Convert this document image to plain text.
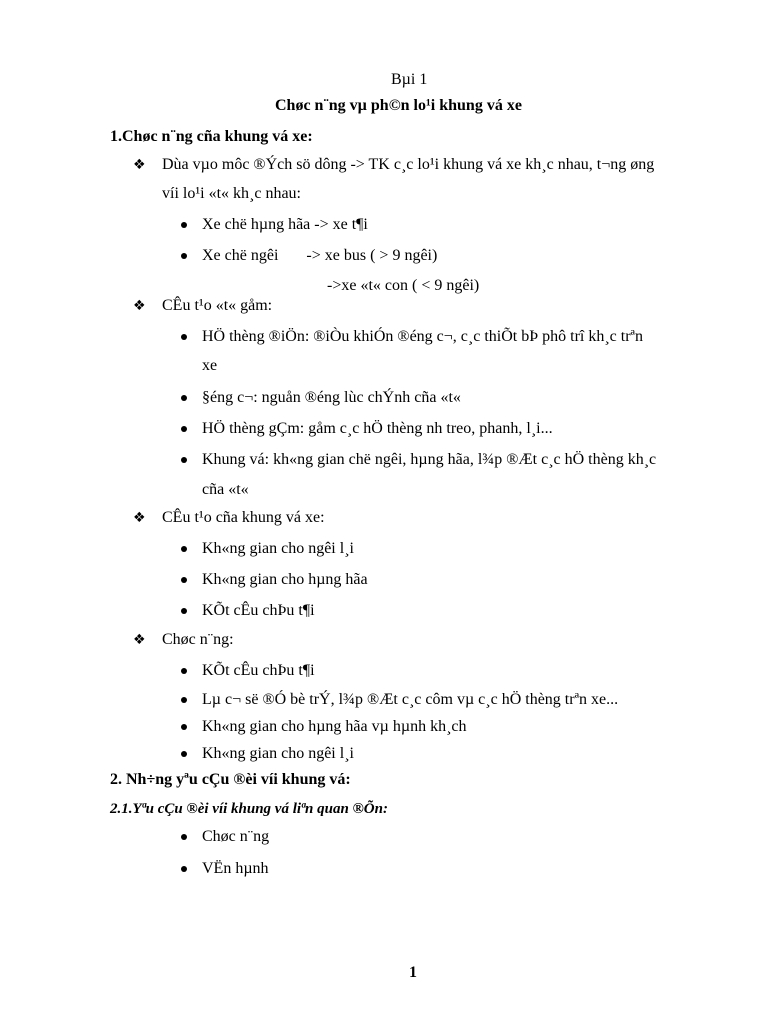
Bµi 1
Chøc n¨ng vµ ph©n lo¹i khung vá xe
1.Chøc n¨ng cña khung vá xe:
❖ Dùa vµo môc ®Ých sö dông -> TK c¸c lo¹i khung vá xe kh¸c nhau, t¬ng øng
víi lo¹i «t« kh¸c nhau:
Xe chë hµng hãa -> xe t¶i
Xe chë ngêi       -> xe bus ( > 9 ngêi)
->xe «t« con ( < 9 ngêi)
❖ CÊu t¹o «t« gåm:
HÖ thèng ®iÖn: ®iÒu khiÓn ®éng c¬, c¸c thiÕt bÞ phô trî kh¸c trªn
xe
§éng c¬: nguån ®éng lùc chÝnh cña «t«
HÖ thèng gÇm: gåm c¸c hÖ thèng nh treo, phanh, l¸i...
Khung vá: kh«ng gian chë ngêi, hµng hãa, l¾p ®Æt c¸c hÖ thèng kh¸c
cña «t«
❖ CÊu t¹o cña khung vá xe:
Kh«ng gian cho ngêi l¸i
Kh«ng gian cho hµng hãa
KÕt cÊu chÞu t¶i
❖ Chøc n¨ng:
KÕt cÊu chÞu t¶i
Lµ c¬ së ®Ó bè trÝ, l¾p ®Æt c¸c côm vµ c¸c hÖ thèng trªn xe...
Kh«ng gian cho hµng hãa vµ hµnh kh¸ch
Kh«ng gian cho ngêi l¸i
2. Nh÷ng yªu cÇu ®èi víi khung vá:
2.1.Yªu cÇu ®èi víi khung vá liªn quan ®Õn:
Chøc n¨ng
VËn hµnh
1
